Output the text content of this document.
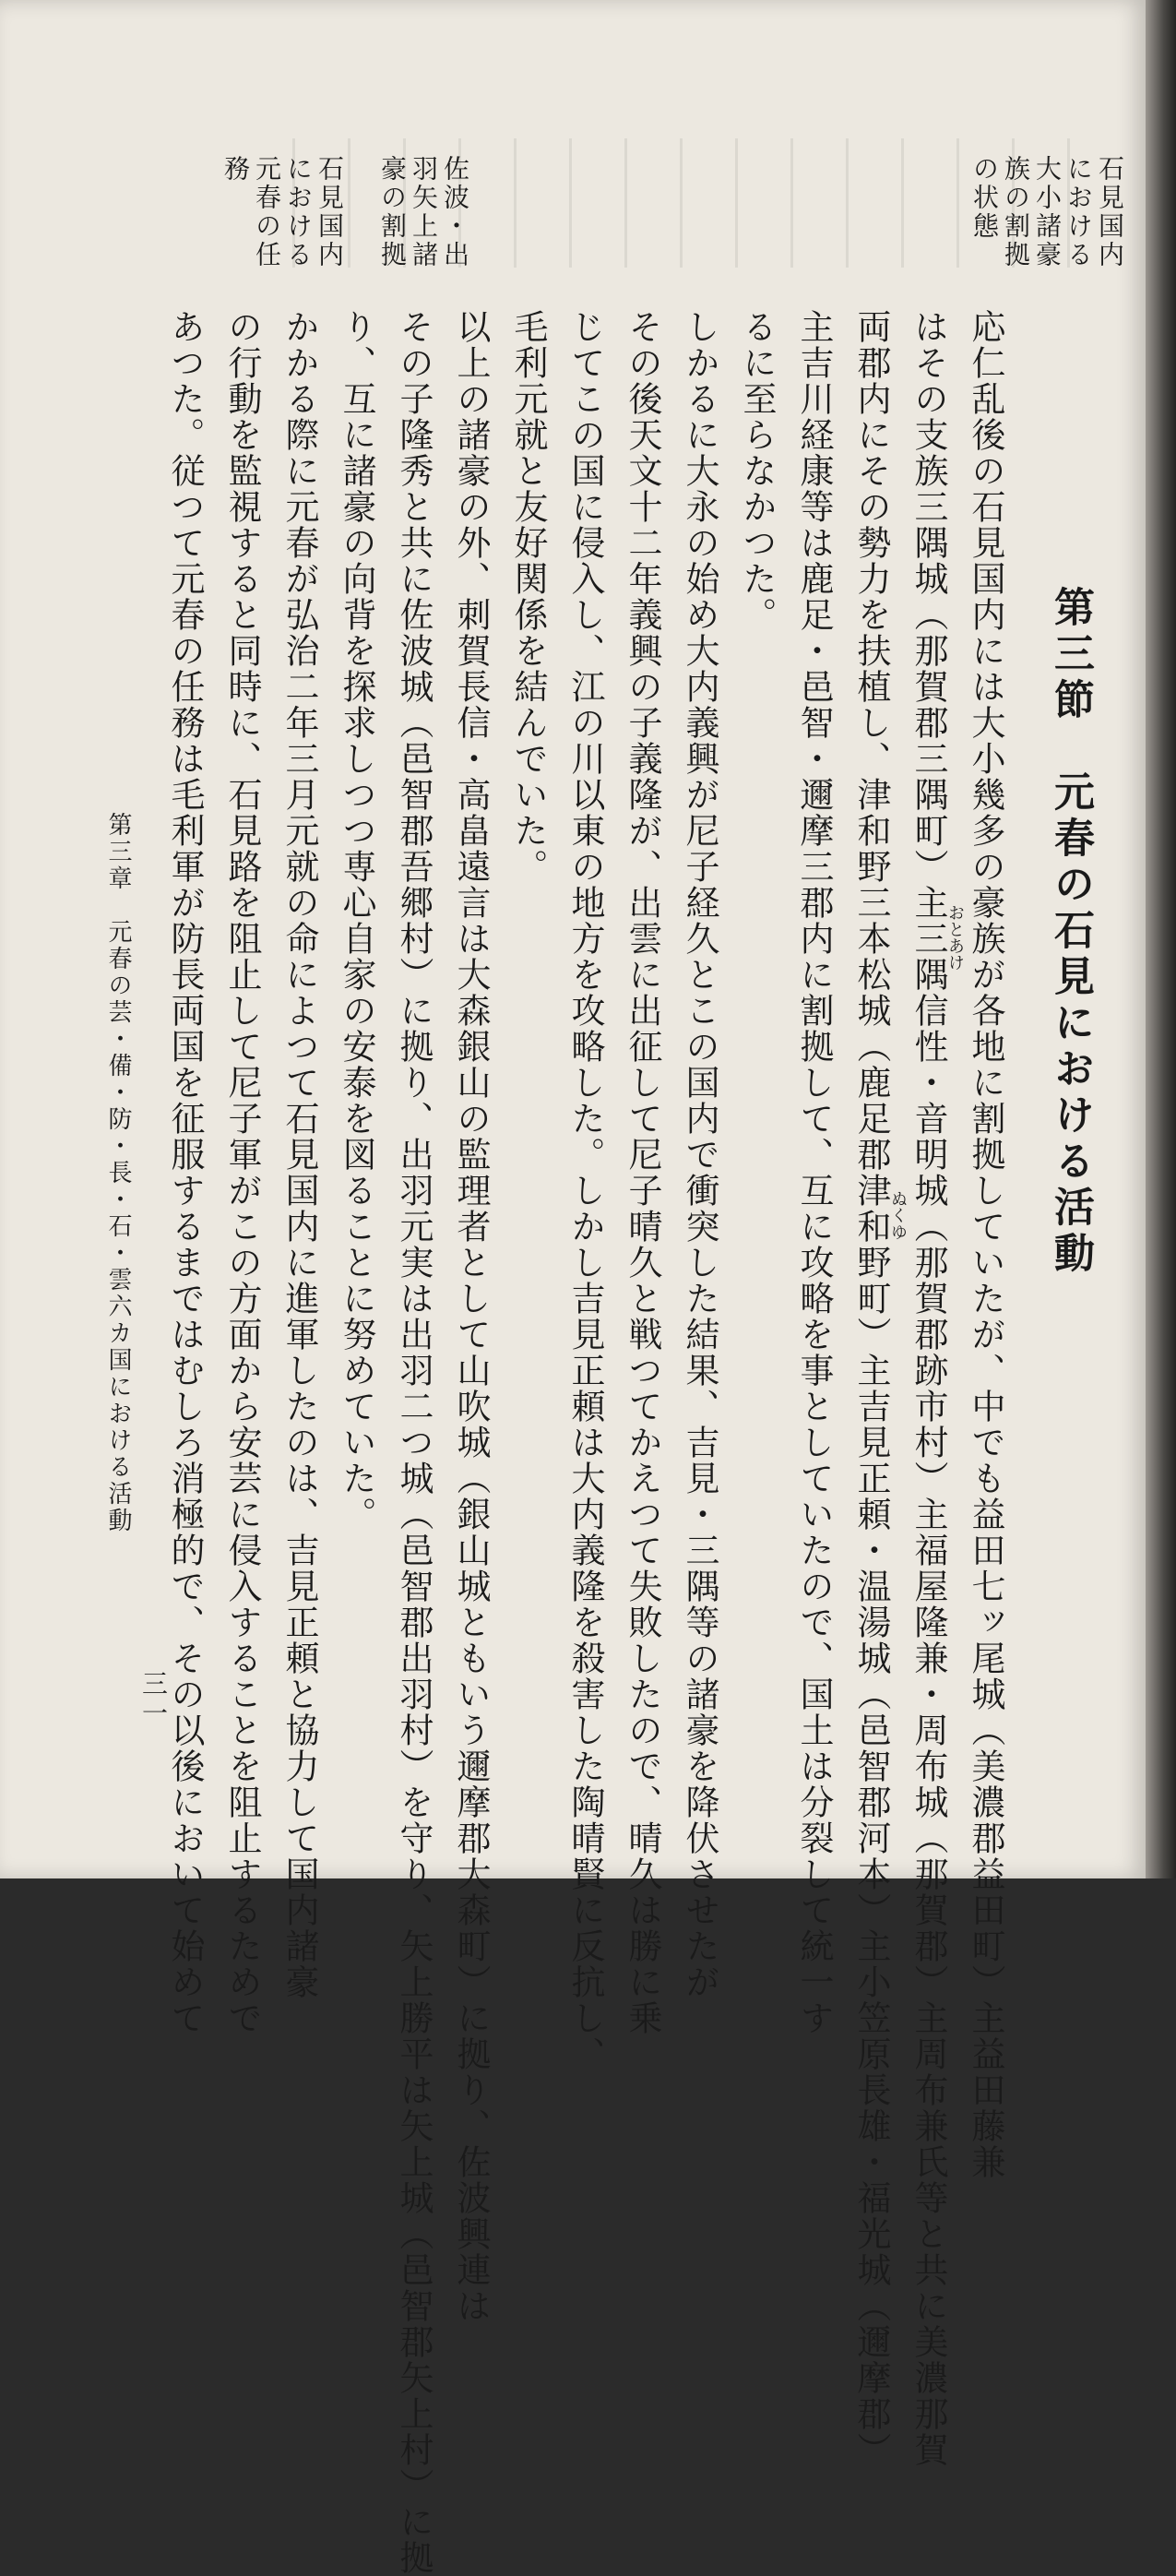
第三節　元春の石見における活動
応仁乱後の石見国内には大小幾多の豪族が各地に割拠していたが、中でも益田七ッ尾城（美濃郡益田町）主益田藤兼
はその支族三隅城（那賀郡三隅町）主三隅信性・音明城（那賀郡跡市村）主福屋隆兼・周布城（那賀郡）主周布兼氏等と共に美濃那賀
両郡内にその勢力を扶植し、津和野三本松城（鹿足郡津和野町）主吉見正頼・温湯城（邑智郡河本）主小笠原長雄・福光城（邇摩郡）
主吉川経康等は鹿足・邑智・邇摩三郡内に割拠して、互に攻略を事としていたので、国土は分裂して統一す
るに至らなかつた。
しかるに大永の始め大内義興が尼子経久とこの国内で衝突した結果、吉見・三隅等の諸豪を降伏させたが
その後天文十二年義興の子義隆が、出雲に出征して尼子晴久と戦つてかえつて失敗したので、晴久は勝に乗
じてこの国に侵入し、江の川以東の地方を攻略した。しかし吉見正頼は大内義隆を殺害した陶晴賢に反抗し、
毛利元就と友好関係を結んでいた。
以上の諸豪の外、刺賀長信・高畠遠言は大森銀山の監理者として山吹城（銀山城ともいう邇摩郡大森町）に拠り、佐波興連は
その子隆秀と共に佐波城（邑智郡吾郷村）に拠り、出羽元実は出羽二つ城（邑智郡出羽村）を守り、矢上勝平は矢上城（邑智郡矢上村）に拠
り、互に諸豪の向背を探求しつつ専心自家の安泰を図ることに努めていた。
かかる際に元春が弘治二年三月元就の命によつて石見国内に進軍したのは、吉見正頼と協力して国内諸豪
の行動を監視すると同時に、石見路を阻止して尼子軍がこの方面から安芸に侵入することを阻止するためで
あつた。従つて元春の任務は毛利軍が防長両国を征服するまではむしろ消極的で、その以後において始めて	おとあけ
ぬくゆ
石見国内における大小諸豪族の割拠の状態
佐波・出羽矢上諸豪の割拠
石見国内における元春の任務
第三章　元春の芸・備・防・長・石・雲六カ国における活動
三一
